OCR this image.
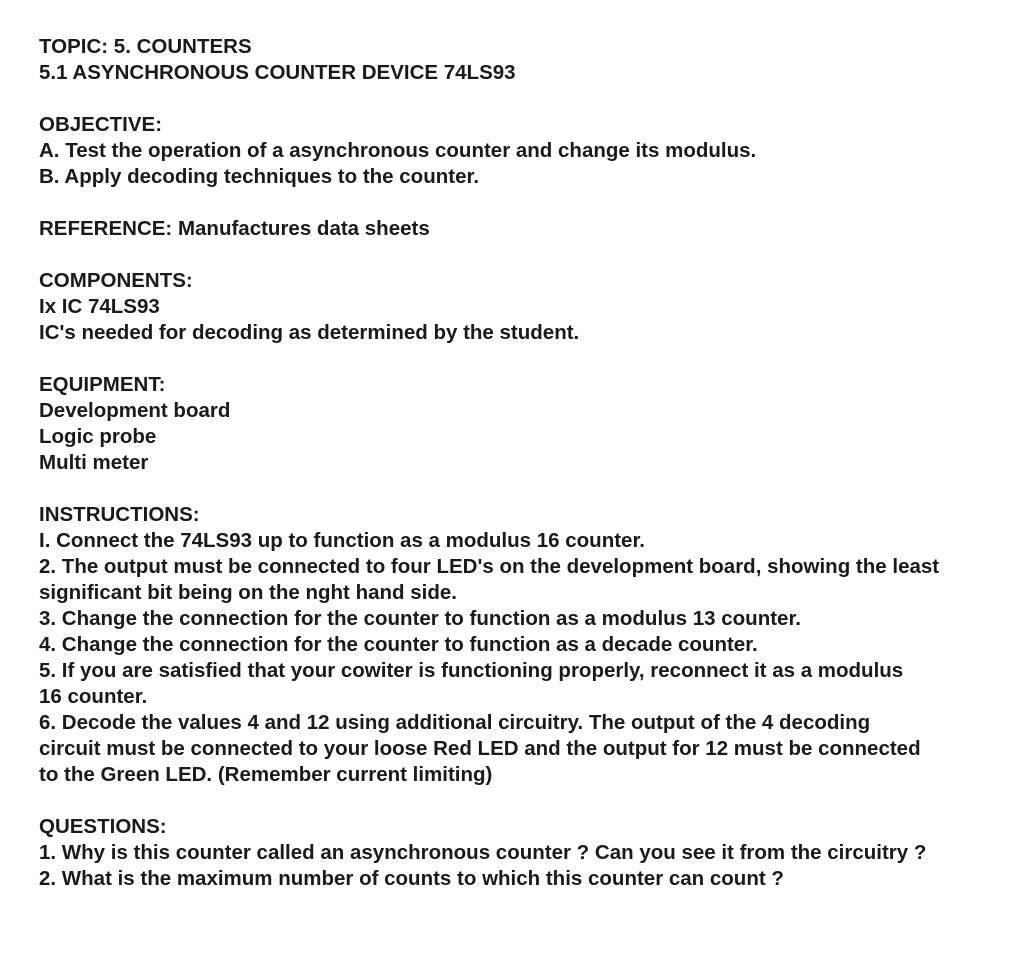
TOPIC: 5. COUNTERS
5.1 ASYNCHRONOUS COUNTER DEVICE 74LS93
OBJECTIVE:
A. Test the operation of a asynchronous counter and change its modulus.
B. Apply decoding techniques to the counter.
REFERENCE: Manufactures data sheets
COMPONENTS:
Ix IC 74LS93
IC's needed for decoding as determined by the student.
EQUIPMENT:
Development board
Logic probe
Multi meter
INSTRUCTIONS:
I. Connect the 74LS93 up to function as a modulus 16 counter.
2. The output must be connected to four LED's on the development board, showing the least significant bit being on the nght hand side.
3. Change the connection for the counter to function as a modulus 13 counter.
4. Change the connection for the counter to function as a decade counter.
5. If you are satisfied that your cowiter is functioning properly, reconnect it as a modulus 16 counter.
6. Decode the values 4 and 12 using additional circuitry. The output of the 4 decoding circuit must be connected to your loose Red LED and the output for 12 must be connected to the Green LED. (Remember current limiting)
QUESTIONS:
1. Why is this counter called an asynchronous counter ? Can you see it from the circuitry ?
2. What is the maximum number of counts to which this counter can count ?
